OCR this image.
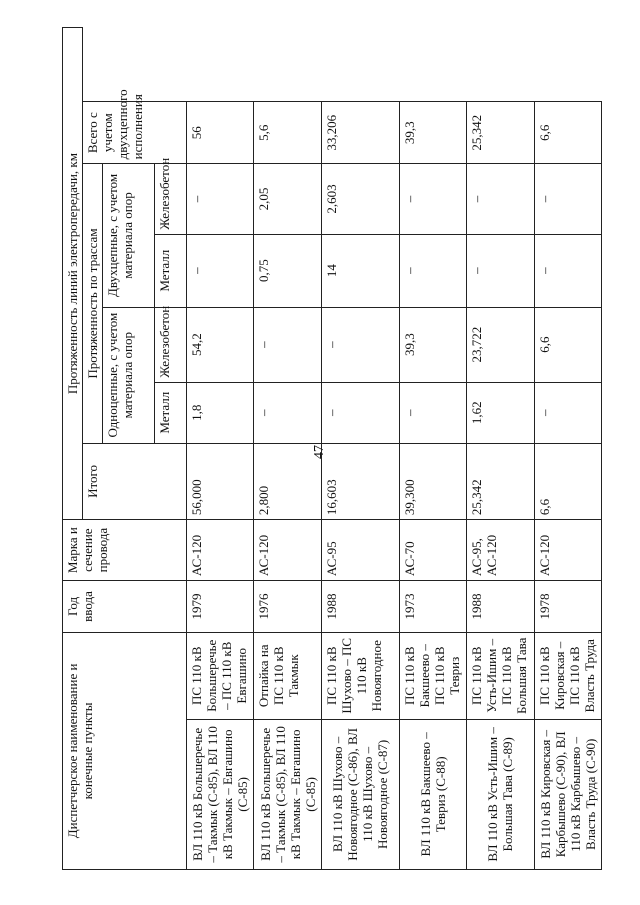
47
Диспетчерское наименование и конечные пункты		Год ввода	Марка и сечение провода	Протяженность линий электропередачи, км					
				Итого	Протяженность по трассам				Всего с учетом двухцепного исполнения
					Одноцепные, с учетом материала опор		Двухцепные, с учетом материала опор		
					Металл	Железобетон	Металл	Железобетон	
ВЛ 110 кВ Большеречье – Такмык (С-85), ВЛ 110 кВ Такмык – Евгашино (С-85)	ПС 110 кВ Большеречье – ПС 110 кВ Евгашино	1979	АС-120	56,000	1,8	54,2	–	–	56
ВЛ 110 кВ Большеречье – Такмык (С-85), ВЛ 110 кВ Такмык – Евгашино (С-85)	Отпайка на ПС 110 кВ Такмык	1976	АС-120	2,800	–	–	0,75	2,05	5,6
ВЛ 110 кВ Шухово – Новоягодное (С-86), ВЛ 110 кВ Шухово – Новоягодное (С-87)	ПС 110 кВ Шухово – ПС 110 кВ Новоягодное	1988	АС-95	16,603	–	–	14	2,603	33,206
ВЛ 110 кВ Бакшеево – Тевриз (С-88)	ПС 110 кВ Бакшеево – ПС 110 кВ Тевриз	1973	АС-70	39,300	–	39,3	–	–	39,3
ВЛ 110 кВ Усть-Ишим – Большая Тава (С-89)	ПС 110 кВ Усть-Ишим – ПС 110 кВ Большая Тава	1988	АС-95, АС-120	25,342	1,62	23,722	–	–	25,342
ВЛ 110 кВ Кировская – Карбышево (С-90), ВЛ 110 кВ Карбышево – Власть Труда (С-90)	ПС 110 кВ Кировская – ПС 110 кВ Власть Труда	1978	АС-120	6,6	–	6,6	–	–	6,6
